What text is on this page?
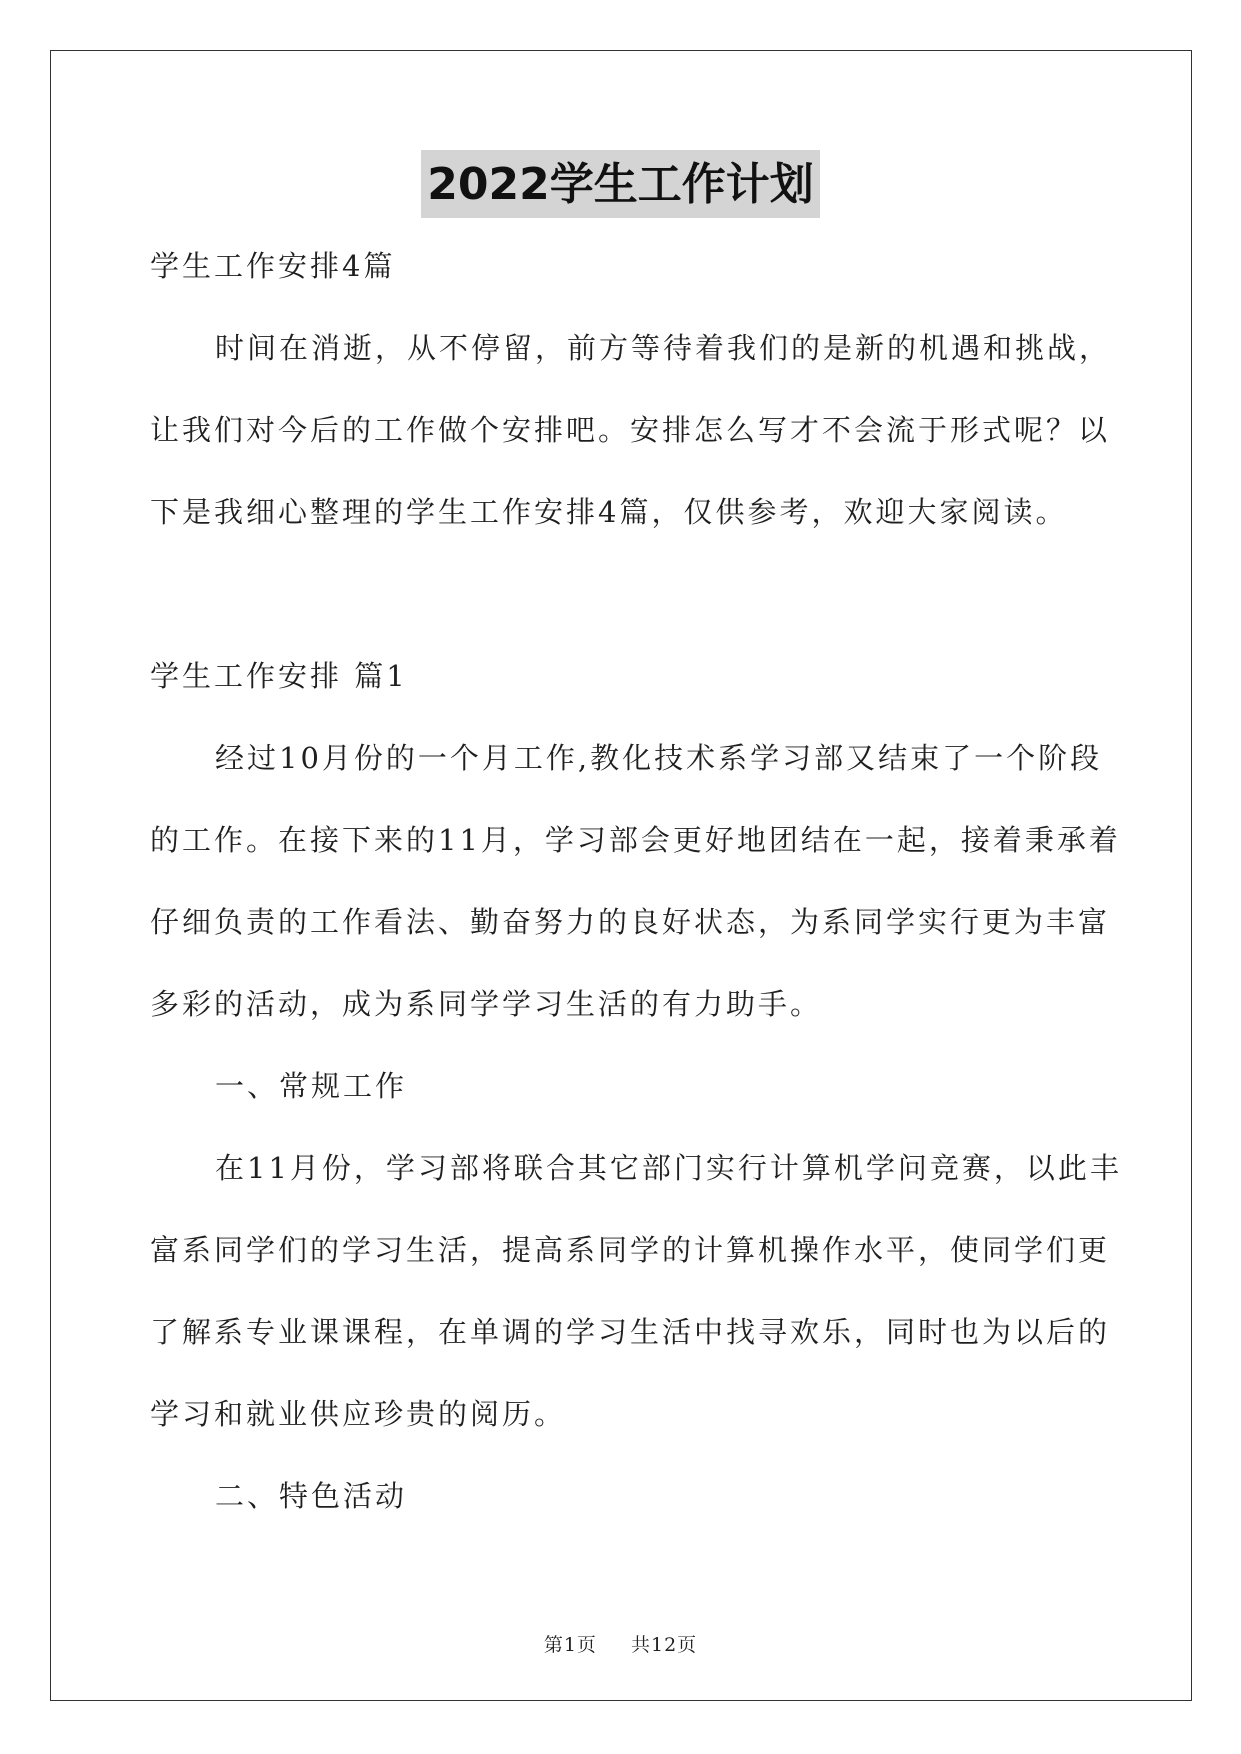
2022学生工作计划
学生工作安排4篇
时间在消逝，从不停留，前方等待着我们的是新的机遇和挑战，
让我们对今后的工作做个安排吧。安排怎么写才不会流于形式呢？以
下是我细心整理的学生工作安排4篇，仅供参考，欢迎大家阅读。
学生工作安排 篇1
经过10月份的一个月工作,教化技术系学习部又结束了一个阶段
的工作。在接下来的11月，学习部会更好地团结在一起，接着秉承着
仔细负责的工作看法、勤奋努力的良好状态，为系同学实行更为丰富
多彩的活动，成为系同学学习生活的有力助手。
一、常规工作
在11月份，学习部将联合其它部门实行计算机学问竞赛，以此丰
富系同学们的学习生活，提高系同学的计算机操作水平，使同学们更
了解系专业课课程，在单调的学习生活中找寻欢乐，同时也为以后的
学习和就业供应珍贵的阅历。
二、特色活动
第1页 共12页
